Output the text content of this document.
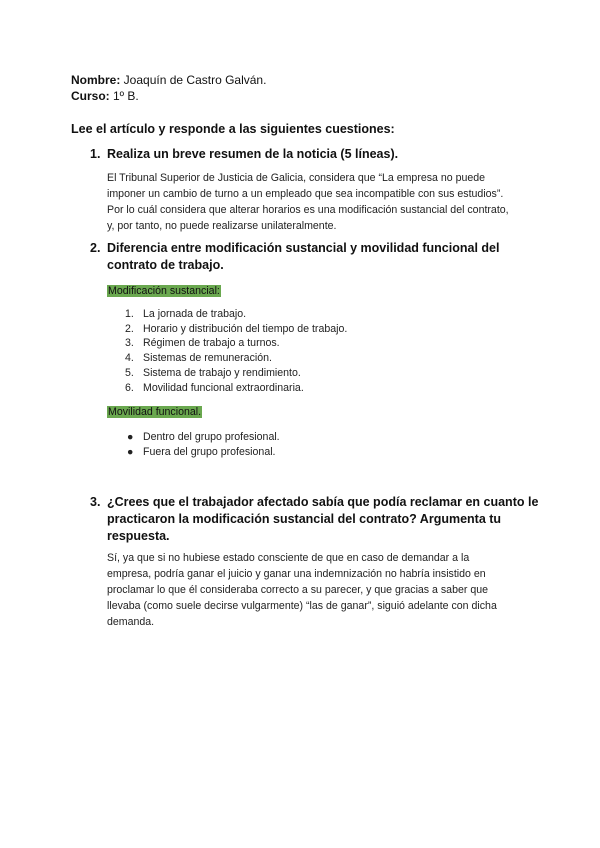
Nombre: Joaquín de Castro Galván.
Curso: 1º B.
Lee el artículo y responde a las siguientes cuestiones:
1. Realiza un breve resumen de la noticia (5 líneas).
El Tribunal Superior de Justicia de Galicia, considera que “La empresa no puede
imponer un cambio de turno a un empleado que sea incompatible con sus estudios”.
Por lo cuál considera que alterar horarios es una modificación sustancial del contrato,
y, por tanto, no puede realizarse unilateralmente.
2. Diferencia entre modificación sustancial y movilidad funcional del
contrato de trabajo.
Modificación sustancial:
1. La jornada de trabajo.
2. Horario y distribución del tiempo de trabajo.
3. Régimen de trabajo a turnos.
4. Sistemas de remuneración.
5. Sistema de trabajo y rendimiento.
6. Movilidad funcional extraordinaria.
Movilidad funcional.
● Dentro del grupo profesional.
● Fuera del grupo profesional.
3. ¿Crees que el trabajador afectado sabía que podía reclamar en cuanto le
practicaron la modificación sustancial del contrato? Argumenta tu
respuesta.
Sí, ya que si no hubiese estado consciente de que en caso de demandar a la
empresa, podría ganar el juicio y ganar una indemnización no habría insistido en
proclamar lo que él consideraba correcto a su parecer, y que gracias a saber que
llevaba (como suele decirse vulgarmente) “las de ganar”, siguió adelante con dicha
demanda.
